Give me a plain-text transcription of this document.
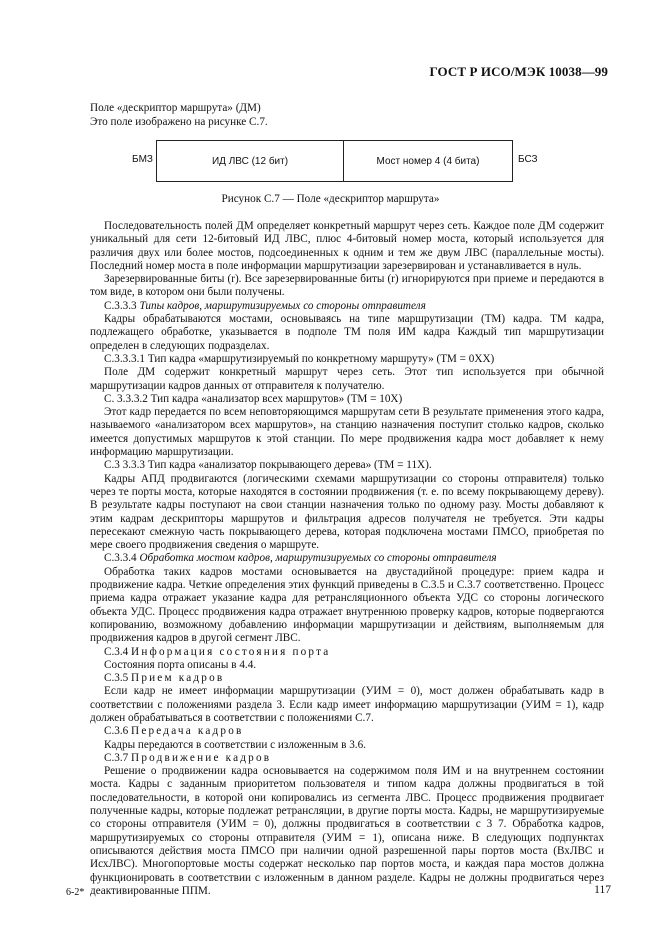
ГОСТ Р ИСО/МЭК 10038—99
Поле «дескриптор маршрута» (ДМ)
Это поле изображено на рисунке С.7.
БМЗ	ИД ЛВС (12 бит)	Мост номер 4 (4 бита)	БСЗ
Рисунок С.7 — Поле «дескриптор маршрута»
Последовательность полей ДМ определяет конкретный маршрут через сеть. Каждое поле ДМ содержит уникальный для сети 12-битовый ИД ЛВС, плюс 4-битовый номер моста, который используется для различия двух или более мостов, подсоединенных к одним и тем же двум ЛВС (параллельные мосты). Последний номер моста в поле информации маршрутизации зарезервирован и устанавливается в нуль.
Зарезервированные биты (r). Все зарезервированные биты (r) игнорируются при приеме и передаются в том виде, в котором они были получены.
С.3.3.3 Типы кадров, маршрутизируемых со стороны отправителя
Кадры обрабатываются мостами, основываясь на типе маршрутизации (ТМ) кадра. ТМ кадра, подлежащего обработке, указывается в подполе ТМ поля ИМ кадра Каждый тип маршрутизации определен в следующих подразделах.
С.3.3.3.1 Тип кадра «маршрутизируемый по конкретному маршруту» (ТМ = 0ХХ)
Поле ДМ содержит конкретный маршрут через сеть. Этот тип используется при обычной маршрутизации кадров данных от отправителя к получателю.
С. 3.3.3.2 Тип кадра «анализатор всех маршрутов» (ТМ = 10Х)
Этот кадр передается по всем неповторяющимся маршрутам сети В результате применения этого кадра, называемого «анализатором всех маршрутов», на станцию назначения поступит столько кадров, сколько имеется допустимых маршрутов к этой станции. По мере продвижения кадра мост добавляет к нему информацию маршрутизации.
С.3 3.3.3 Тип кадра «анализатор покрывающего дерева» (ТМ = 11Х).
Кадры АПД продвигаются (логическими схемами маршрутизации со стороны отправителя) только через те порты моста, которые находятся в состоянии продвижения (т. е. по всему покрывающему дереву). В результате кадры поступают на свои станции назначения только по одному разу. Мосты добавляют к этим кадрам дескрипторы маршрутов и фильтрация адресов получателя не требуется. Эти кадры пересекают смежную часть покрывающего дерева, которая подключена мостами ПМСО, приобретая по мере своего продвижения сведения о маршруте.
С.3.3.4 Обработка мостом кадров, маршрутизируемых со стороны отправителя
Обработка таких кадров мостами основывается на двустадийной процедуре: прием кадра и продвижение кадра. Четкие определения этих функций приведены в С.3.5 и С.3.7 соответственно. Процесс приема кадра отражает указание кадра для ретрансляционного объекта УДС со стороны логического объекта УДС. Процесс продвижения кадра отражает внутреннюю проверку кадров, которые подвергаются копированию, возможному добавлению информации маршрутизации и действиям, выполняемым для продвижения кадров в другой сегмент ЛВС.
С.3.4 Информация состояния порта
Состояния порта описаны в 4.4.
С.3.5 Прием кадров
Если кадр не имеет информации маршрутизации (УИМ = 0), мост должен обрабатывать кадр в соответствии с положениями раздела 3. Если кадр имеет информацию маршрутизации (УИМ = 1), кадр должен обрабатываться в соответствии с положениями С.7.
С.3.6 Передача кадров
Кадры передаются в соответствии с изложенным в 3.6.
С.3.7 Продвижение кадров
Решение о продвижении кадра основывается на содержимом поля ИМ и на внутреннем состоянии моста. Кадры с заданным приоритетом пользователя и типом кадра должны продвигаться в той последовательности, в которой они копировались из сегмента ЛВС. Процесс продвижения продвигает полученные кадры, которые подлежат ретрансляции, в другие порты моста. Кадры, не маршрутизируемые со стороны отправителя (УИМ = 0), должны продвигаться в соответствии с 3 7. Обработка кадров, маршрутизируемых со стороны отправителя (УИМ = 1), описана ниже. В следующих подпунктах описываются действия моста ПМСО при наличии одной разрешенной пары портов моста (ВхЛВС и ИсхЛВС). Многопортовые мосты содержат несколько пар портов моста, и каждая пара мостов должна функционировать в соответствии с изложенным в данном разделе. Кадры не должны продвигаться через деактивированные ППМ.
6-2*	117
